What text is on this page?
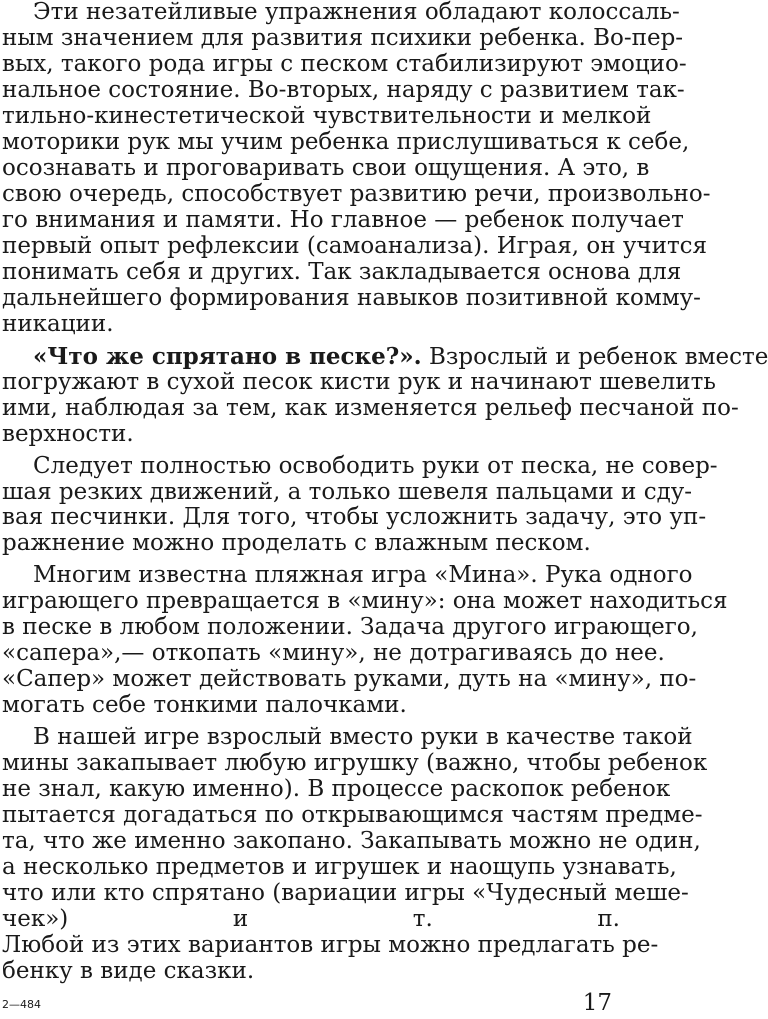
Эти незатейливые упражнения обладают колоссаль-
ным значением для развития психики ребенка. Во-пер-
вых, такого рода игры с песком стабилизируют эмоцио-
нальное состояние. Во-вторых, наряду с развитием так-
тильно-кинестетической чувствительности и мелкой
моторики рук мы учим ребенка прислушиваться к себе,
осознавать и проговаривать свои ощущения. А это, в
свою очередь, способствует развитию речи, произвольно-
го внимания и памяти. Но главное — ребенок получает
первый опыт рефлексии (самоанализа). Играя, он учится
понимать себя и других. Так закладывается основа для
дальнейшего формирования навыков позитивной комму-
никации.
«Что же спрятано в песке?». Взрослый и ребенок вместе
погружают в сухой песок кисти рук и начинают шевелить
ими, наблюдая за тем, как изменяется рельеф песчаной по-
верхности.
Следует полностью освободить руки от песка, не совер-
шая резких движений, а только шевеля пальцами и сду-
вая песчинки. Для того, чтобы усложнить задачу, это уп-
ражнение можно проделать с влажным песком.
Многим известна пляжная игра «Мина». Рука одного
играющего превращается в «мину»: она может находиться
в песке в любом положении. Задача другого играющего,
«сапера»,— откопать «мину», не дотрагиваясь до нее.
«Сапер» может действовать руками, дуть на «мину», по-
могать себе тонкими палочками.
В нашей игре взрослый вместо руки в качестве такой
мины закапывает любую игрушку (важно, чтобы ребенок
не знал, какую именно). В процессе раскопок ребенок
пытается догадаться по открывающимся частям предме-
та, что же именно закопано. Закапывать можно не один,
а несколько предметов и игрушек и наощупь узнавать,
что или кто спрятано (вариации игры «Чудесный меше-
чек») и т. п.
Любой из этих вариантов игры можно предлагать ре-
бенку в виде сказки.
2—484	17
